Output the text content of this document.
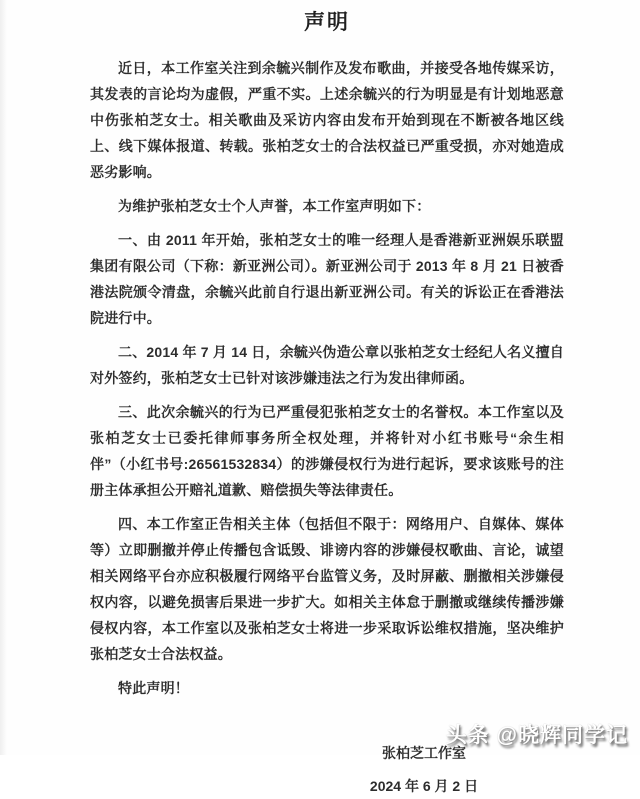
声明

近日，本工作室关注到余毓兴制作及发布歌曲，并接受各地传媒采访，其发表的言论均为虚假，严重不实。上述余毓兴的行为明显是有计划地恶意中伤张柏芝女士。相关歌曲及采访内容由发布开始到现在不断被各地区线上、线下媒体报道、转载。张柏芝女士的合法权益已严重受损，亦对她造成恶劣影响。

为维护张柏芝女士个人声誉，本工作室声明如下：

一、由 2011 年开始，张柏芝女士的唯一经理人是香港新亚洲娱乐联盟集团有限公司（下称：新亚洲公司）。新亚洲公司于 2013 年 8 月 21 日被香港法院颁令清盘，余毓兴此前自行退出新亚洲公司。有关的诉讼正在香港法院进行中。

二、2014 年 7 月 14 日，余毓兴伪造公章以张柏芝女士经纪人名义擅自对外签约，张柏芝女士已针对该涉嫌违法之行为发出律师函。

三、此次余毓兴的行为已严重侵犯张柏芝女士的名誉权。本工作室以及张柏芝女士已委托律师事务所全权处理，并将针对小红书账号“余生相伴”（小红书号:26561532834）的涉嫌侵权行为进行起诉，要求该账号的注册主体承担公开赔礼道歉、赔偿损失等法律责任。

四、本工作室正告相关主体（包括但不限于：网络用户、自媒体、媒体等）立即删撤并停止传播包含诋毁、诽谤内容的涉嫌侵权歌曲、言论，诚望相关网络平台亦应积极履行网络平台监管义务，及时屏蔽、删撤相关涉嫌侵权内容，以避免损害后果进一步扩大。如相关主体怠于删撤或继续传播涉嫌侵权内容，本工作室以及张柏芝女士将进一步采取诉讼维权措施，坚决维护张柏芝女士合法权益。

特此声明！

张柏芝工作室
2024 年 6 月 2 日
头条 @晓辉同学记
